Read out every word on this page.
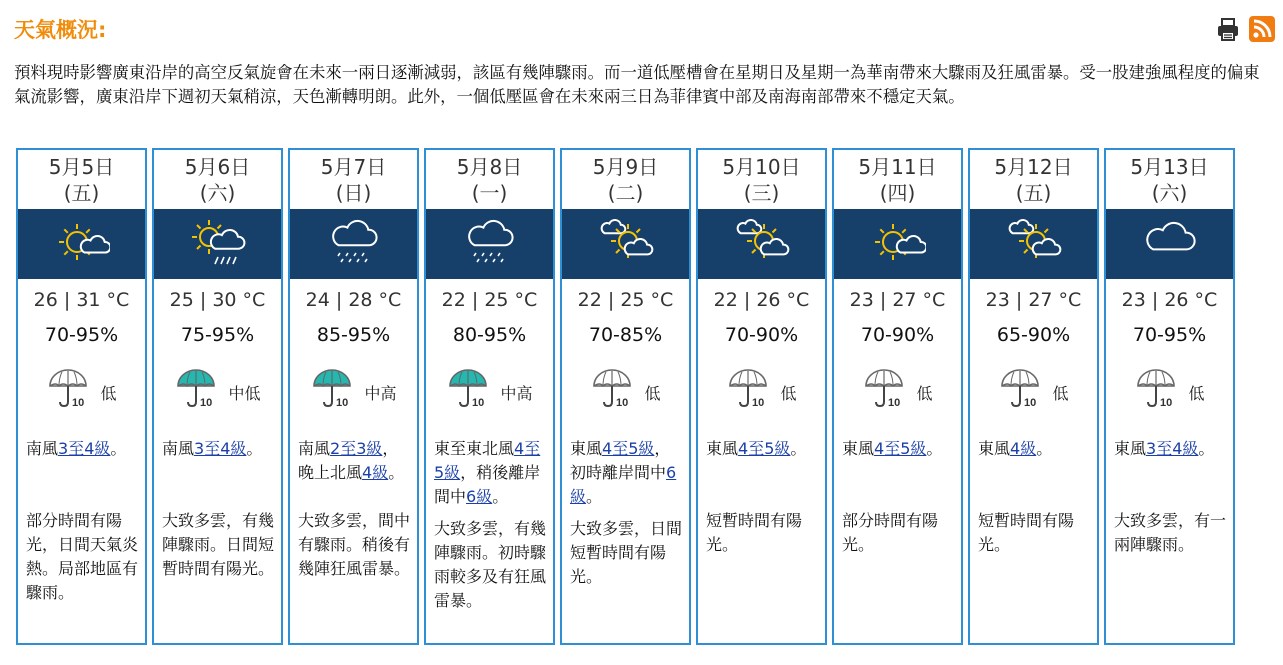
天氣概況:
預料現時影響廣東沿岸的高空反氣旋會在未來一兩日逐漸減弱，該區有幾陣驟雨。而一道低壓槽會在星期日及星期一為華南帶來大驟雨及狂風雷暴。受一股建強風程度的偏東氣流影響，廣東沿岸下週初天氣稍涼，天色漸轉明朗。此外，一個低壓區會在未來兩三日為菲律賓中部及南海南部帶來不穩定天氣。
5月5日
(五)
26 | 31 °C
70-95%
10 低
南風3至4級。
部分時間有陽光，日間天氣炎熱。局部地區有驟雨。
5月6日
(六)
25 | 30 °C
75-95%
10 中低
南風3至4級。
大致多雲，有幾陣驟雨。日間短暫時間有陽光。
5月7日
(日)
24 | 28 °C
85-95%
10 中高
南風2至3級，晚上北風4級。
大致多雲，間中有驟雨。稍後有幾陣狂風雷暴。
5月8日
(一)
22 | 25 °C
80-95%
10 中高
東至東北風4至5級，稍後離岸間中6級。
大致多雲，有幾陣驟雨。初時驟雨較多及有狂風雷暴。
5月9日
(二)
22 | 25 °C
70-85%
10 低
東風4至5級，初時離岸間中6級。
大致多雲，日間短暫時間有陽光。
5月10日
(三)
22 | 26 °C
70-90%
10 低
東風4至5級。
短暫時間有陽光。
5月11日
(四)
23 | 27 °C
70-90%
10 低
東風4至5級。
部分時間有陽光。
5月12日
(五)
23 | 27 °C
65-90%
10 低
東風4級。
短暫時間有陽光。
5月13日
(六)
23 | 26 °C
70-95%
10 低
東風3至4級。
大致多雲，有一兩陣驟雨。
